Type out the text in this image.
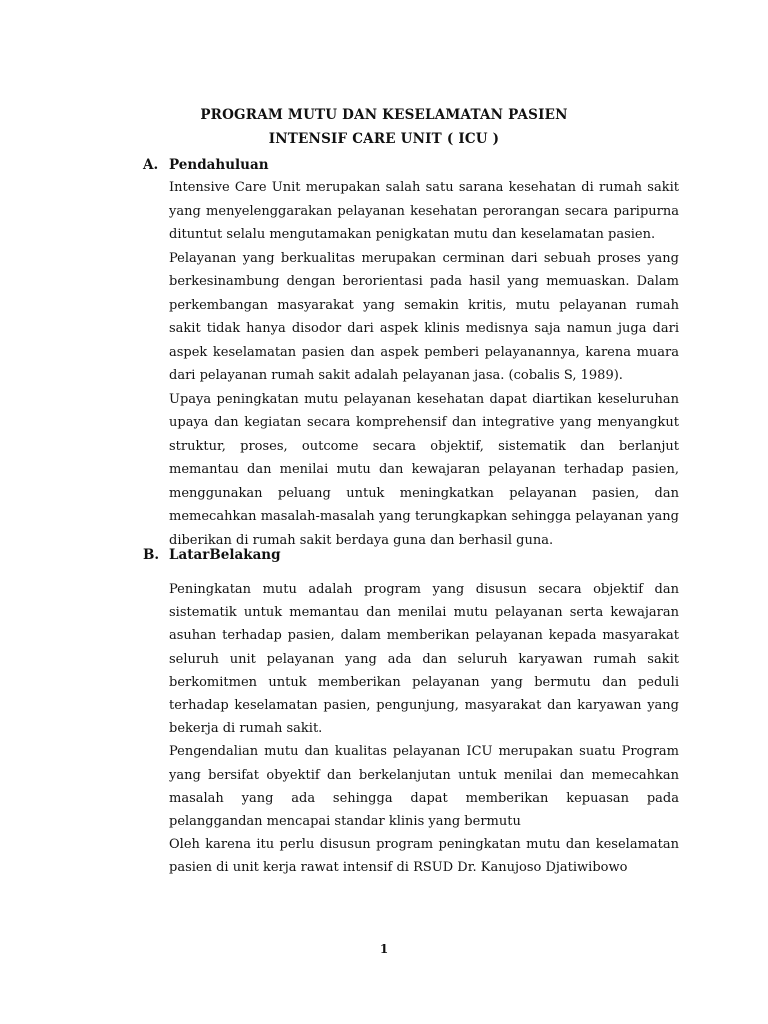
PROGRAM MUTU DAN KESELAMATAN PASIEN
INTENSIF CARE UNIT ( ICU )
A. Pendahuluan

Intensive Care Unit merupakan salah satu sarana kesehatan di rumah sakit yang menyelenggarakan pelayanan kesehatan perorangan secara paripurna dituntut selalu mengutamakan penigkatan mutu dan keselamatan pasien.

Pelayanan yang berkualitas merupakan cerminan dari sebuah proses yang berkesinambung dengan berorientasi pada hasil yang memuaskan. Dalam perkembangan masyarakat yang semakin kritis, mutu pelayanan rumah sakit tidak hanya disodor dari aspek klinis medisnya saja namun juga dari aspek keselamatan pasien dan aspek pemberi pelayanannya, karena muara dari pelayanan rumah sakit adalah pelayanan jasa. (cobalis S, 1989).

Upaya peningkatan mutu pelayanan kesehatan dapat diartikan keseluruhan upaya dan kegiatan secara komprehensif dan integrative yang menyangkut struktur, proses, outcome secara objektif, sistematik dan berlanjut memantau dan menilai mutu dan kewajaran pelayanan terhadap pasien, menggunakan peluang untuk meningkatkan pelayanan pasien, dan memecahkan masalah-masalah yang terungkapkan sehingga pelayanan yang diberikan di rumah sakit berdaya guna dan berhasil guna.

B. LatarBelakang

Peningkatan mutu adalah program yang disusun secara objektif dan sistematik untuk memantau dan menilai mutu pelayanan serta kewajaran asuhan terhadap pasien, dalam memberikan pelayanan kepada masyarakat seluruh unit pelayanan yang ada dan seluruh karyawan rumah sakit berkomitmen untuk memberikan pelayanan yang bermutu dan peduli terhadap keselamatan pasien, pengunjung, masyarakat dan karyawan yang bekerja di rumah sakit.

Pengendalian mutu dan kualitas pelayanan ICU merupakan suatu Program yang bersifat obyektif dan berkelanjutan untuk menilai dan memecahkan masalah yang ada sehingga dapat memberikan kepuasan pada pelanggandan mencapai standar klinis yang bermutu

Oleh karena itu perlu disusun program peningkatan mutu dan keselamatan pasien di unit kerja rawat intensif di RSUD Dr. Kanujoso Djatiwibowo

1
